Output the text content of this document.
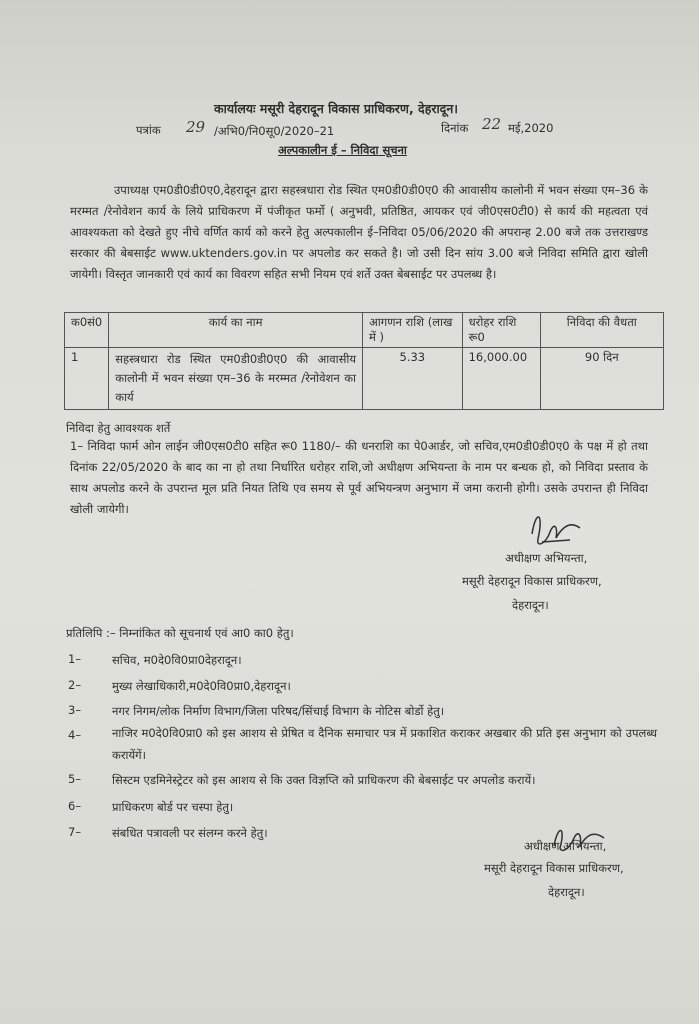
कार्यालयः मसूरी देहरादून विकास प्राधिकरण, देहरादून।
पत्रांक 29 /अभि0/नि0सू0/2020–21	दिनांक 22 मई,2020
अल्पकालीन ई – निविदा सूचना
उपाध्यक्ष एम0डी0डी0ए0,देहरादून द्वारा सहस्त्रधारा रोड स्थित एम0डी0डी0ए0 की आवासीय कालोनी में भवन संख्या एम–36 के मरम्मत /रेनोवेशन कार्य के लिये प्राधिकरण में पंजीकृत फर्मो ( अनुभवी, प्रतिष्ठित, आयकर एवं जी0एस0टी0) से कार्य की महत्वता एवं आवश्यकता को देखते हुए नीचे वर्णित कार्य को करने हेतु अल्पकालीन ई–निविदा 05/06/2020 की अपरान्ह 2.00 बजे तक उत्तराखण्ड सरकार की बेबसाईट www.uktenders.gov.in पर अपलोड कर सकते है। जो उसी दिन सांय 3.00 बजे निविदा समिति द्वारा खोली जायेगी। विस्तृत जानकारी एवं कार्य का विवरण सहित सभी नियम एवं शर्ते उक्त बेबसाईट पर उपलब्ध है।
क0सं0	कार्य का नाम	आगणन राशि (लाख में )	धरोहर राशि रू0	निविदा की वैधता
1	सहस्त्रधारा रोड स्थित एम0डी0डी0ए0 की आवासीय कालोनी में भवन संख्या एम–36 के मरम्मत /रेनोवेशन का कार्य	5.33	16,000.00	90 दिन
निविदा हेतु आवश्यक शर्ते
1– निविदा फार्म ओन लाईन जी0एस0टी0 सहित रू0 1180/– की धनराशि का पे0आर्डर, जो सचिव,एम0डी0डी0ए0 के पक्ष में हो तथा दिनांक 22/05/2020 के बाद का ना हो तथा निर्धारित धरोहर राशि,जो अधीक्षण अभियन्ता के नाम पर बन्धक हो, को निविदा प्रस्ताव के साथ अपलोड करने के उपरान्त मूल प्रति नियत तिथि एव समय से पूर्व अभियन्त्रण अनुभाग में जमा करानी होगी। उसके उपरान्त ही निविदा खोली जायेगी।
अधीक्षण अभियन्ता,
मसूरी देहरादून विकास प्राधिकरण,
देहरादून।
प्रतिलिपि :– निम्नांकित को सूचनार्थ एवं आ0 का0 हेतु।
1–	सचिव, म0दे0वि0प्रा0देहरादून।
2–	मुख्य लेखाधिकारी,म0दे0वि0प्रा0,देहरादून।
3–	नगर निगम/लोक निर्माण विभाग/जिला परिषद/सिंचाई विभाग के नोटिस बोर्डो हेतु।
4–	नाजिर म0दे0वि0प्रा0 को इस आशय से प्रेषित व दैनिक समाचार पत्र में प्रकाशित कराकर अखबार की प्रति इस अनुभाग को उपलब्ध करायेंगें।
5–	सिस्टम एडमिनेस्ट्रेटर को इस आशय से कि उक्त विज्ञप्ति को प्राधिकरण की बेबसाईट पर अपलोड करायें।
6–	प्राधिकरण बोर्ड पर चस्पा हेतु।
7–	संबधित पत्रावली पर संलग्न करने हेतु।
अधीक्षण अभियन्ता,
मसूरी देहरादून विकास प्राधिकरण,
देहरादून।
